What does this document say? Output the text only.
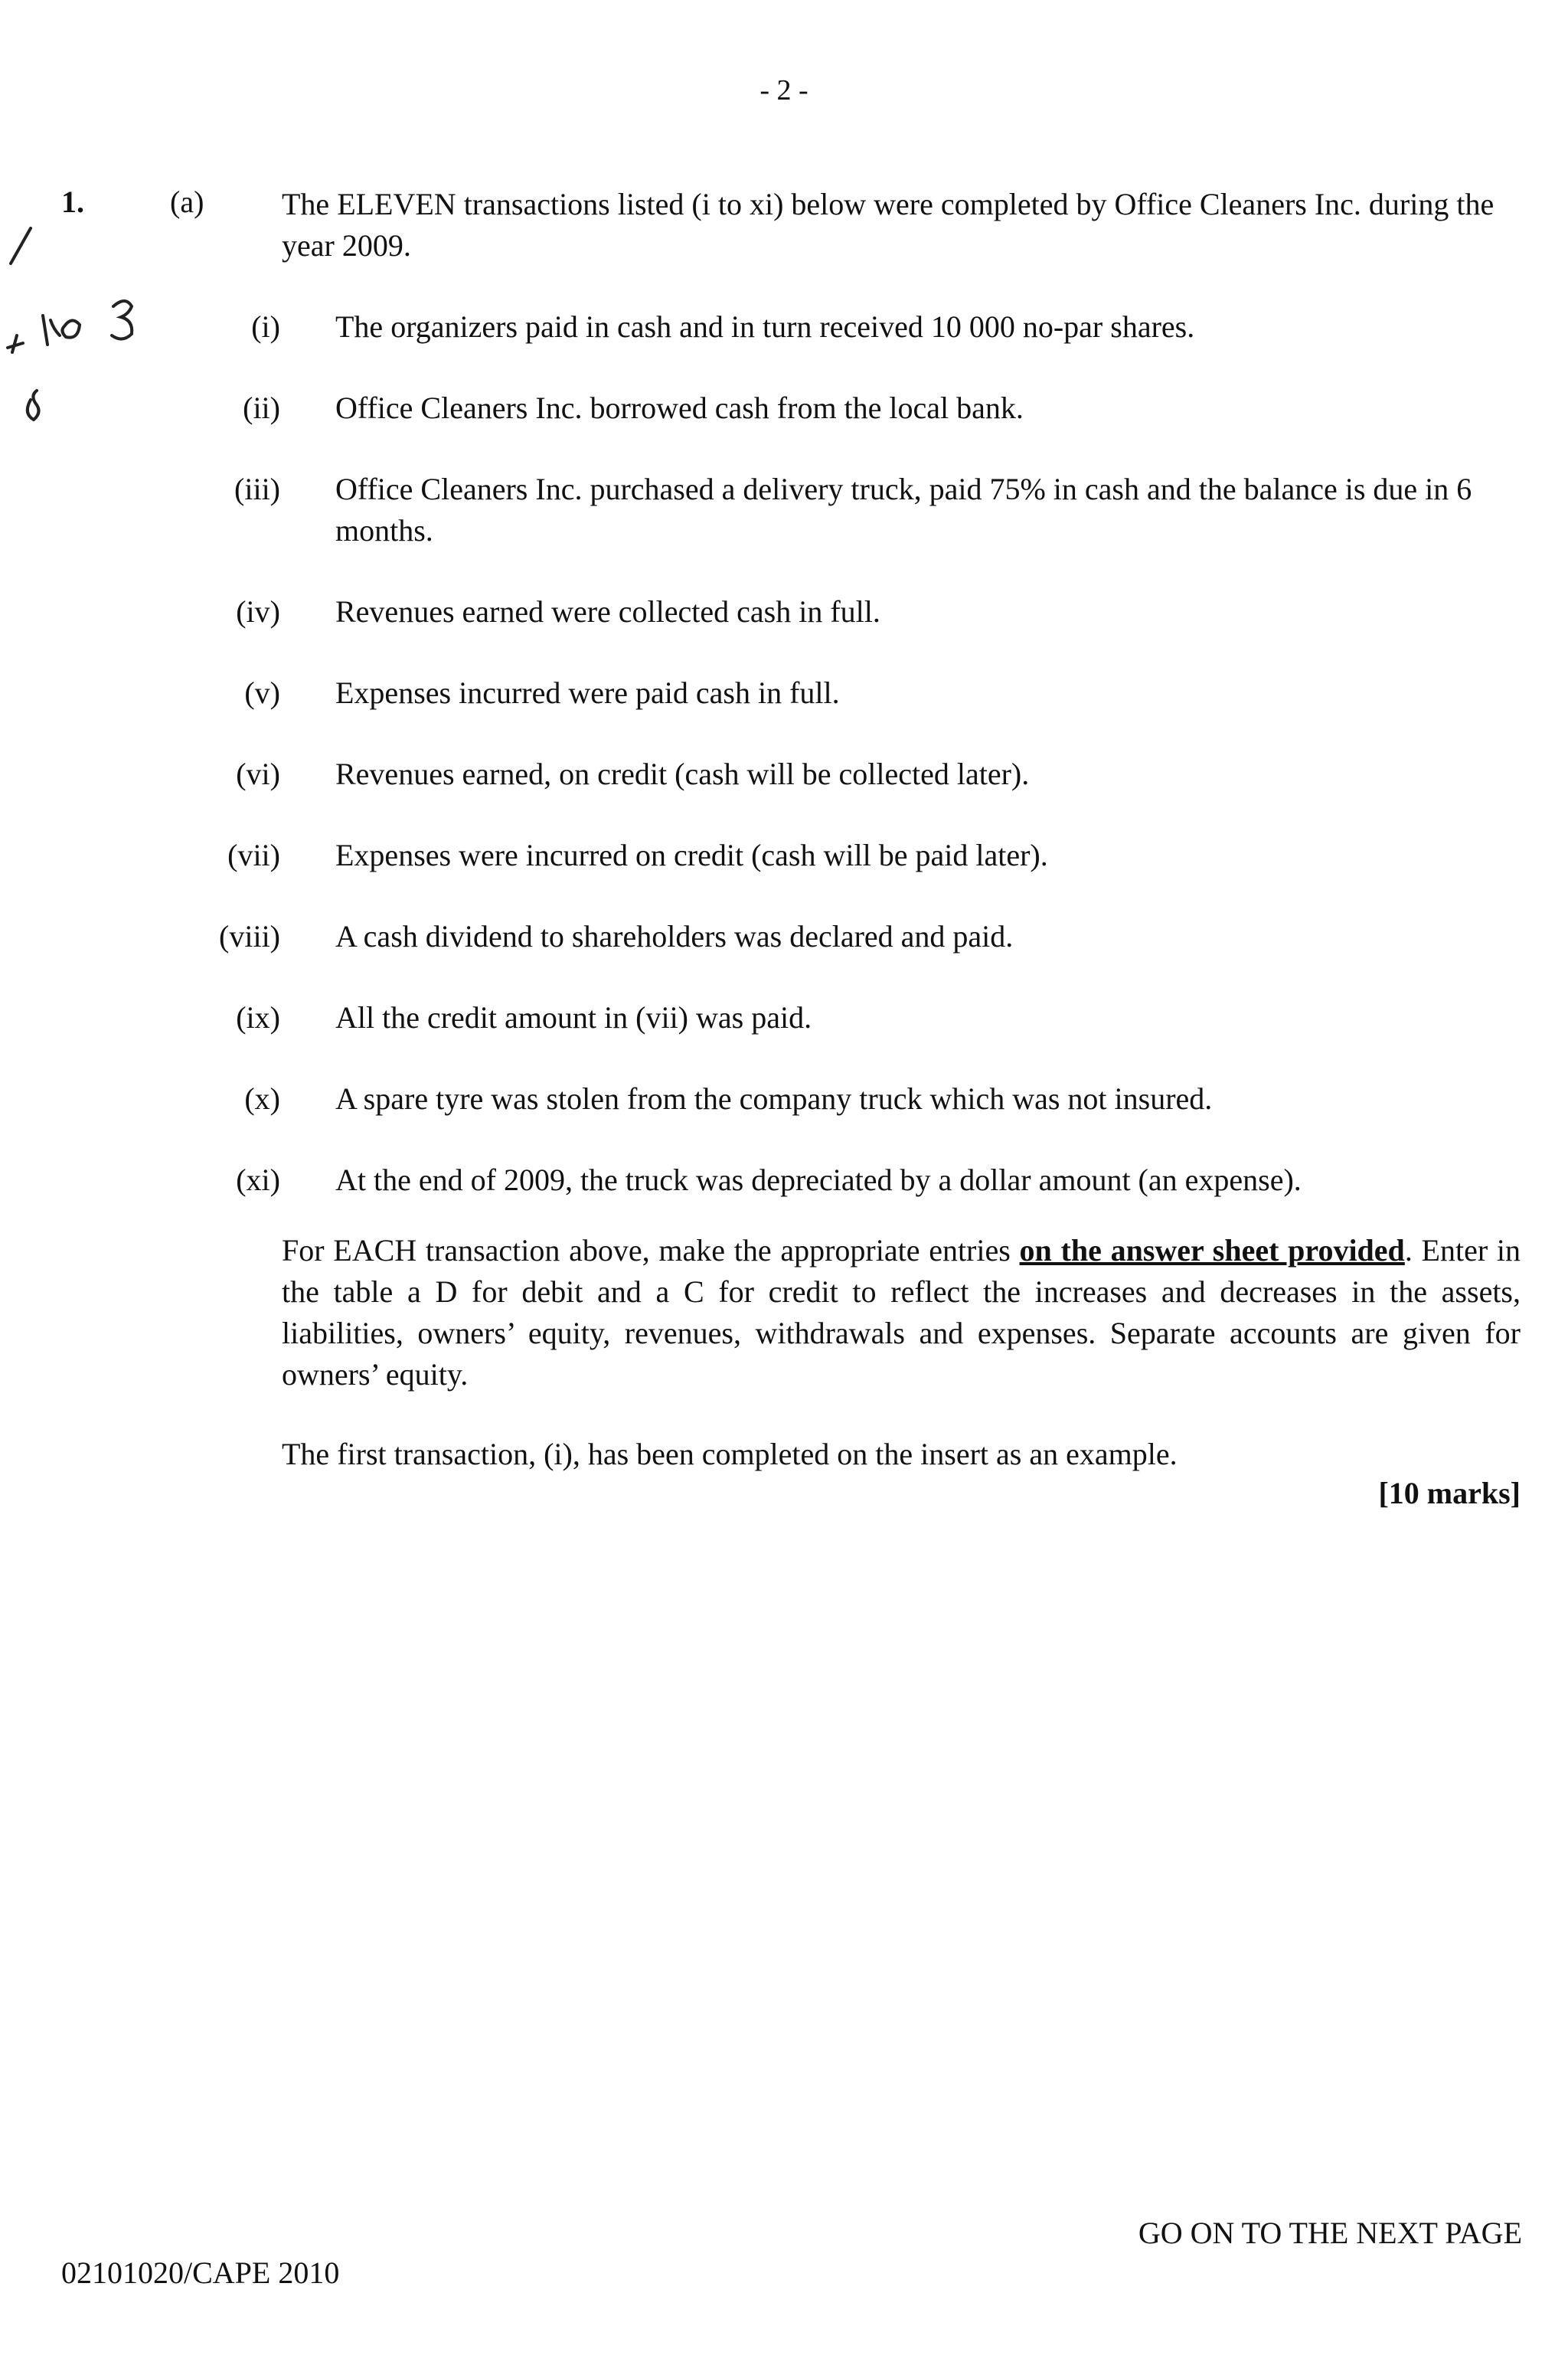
- 2 -
1.	(a)	The ELEVEN transactions listed (i to xi) below were completed by Office Cleaners Inc. during the year 2009.
(i)	The organizers paid in cash and in turn received 10 000 no-par shares.
(ii)	Office Cleaners Inc. borrowed cash from the local bank.
(iii)	Office Cleaners Inc. purchased a delivery truck, paid 75% in cash and the balance is due in 6 months.
(iv)	Revenues earned were collected cash in full.
(v)	Expenses incurred were paid cash in full.
(vi)	Revenues earned, on credit (cash will be collected later).
(vii)	Expenses were incurred on credit (cash will be paid later).
(viii)	A cash dividend to shareholders was declared and paid.
(ix)	All the credit amount in (vii) was paid.
(x)	A spare tyre was stolen from the company truck which was not insured.
(xi)	At the end of 2009, the truck was depreciated by a dollar amount (an expense).
For EACH transaction above, make the appropriate entries on the answer sheet provided. Enter in the table a D for debit and a C for credit to reflect the increases and decreases in the assets, liabilities, owners’ equity, revenues, withdrawals and expenses. Separate accounts are given for owners’ equity.
The first transaction, (i), has been completed on the insert as an example.
[10 marks]
GO ON TO THE NEXT PAGE
02101020/CAPE 2010
